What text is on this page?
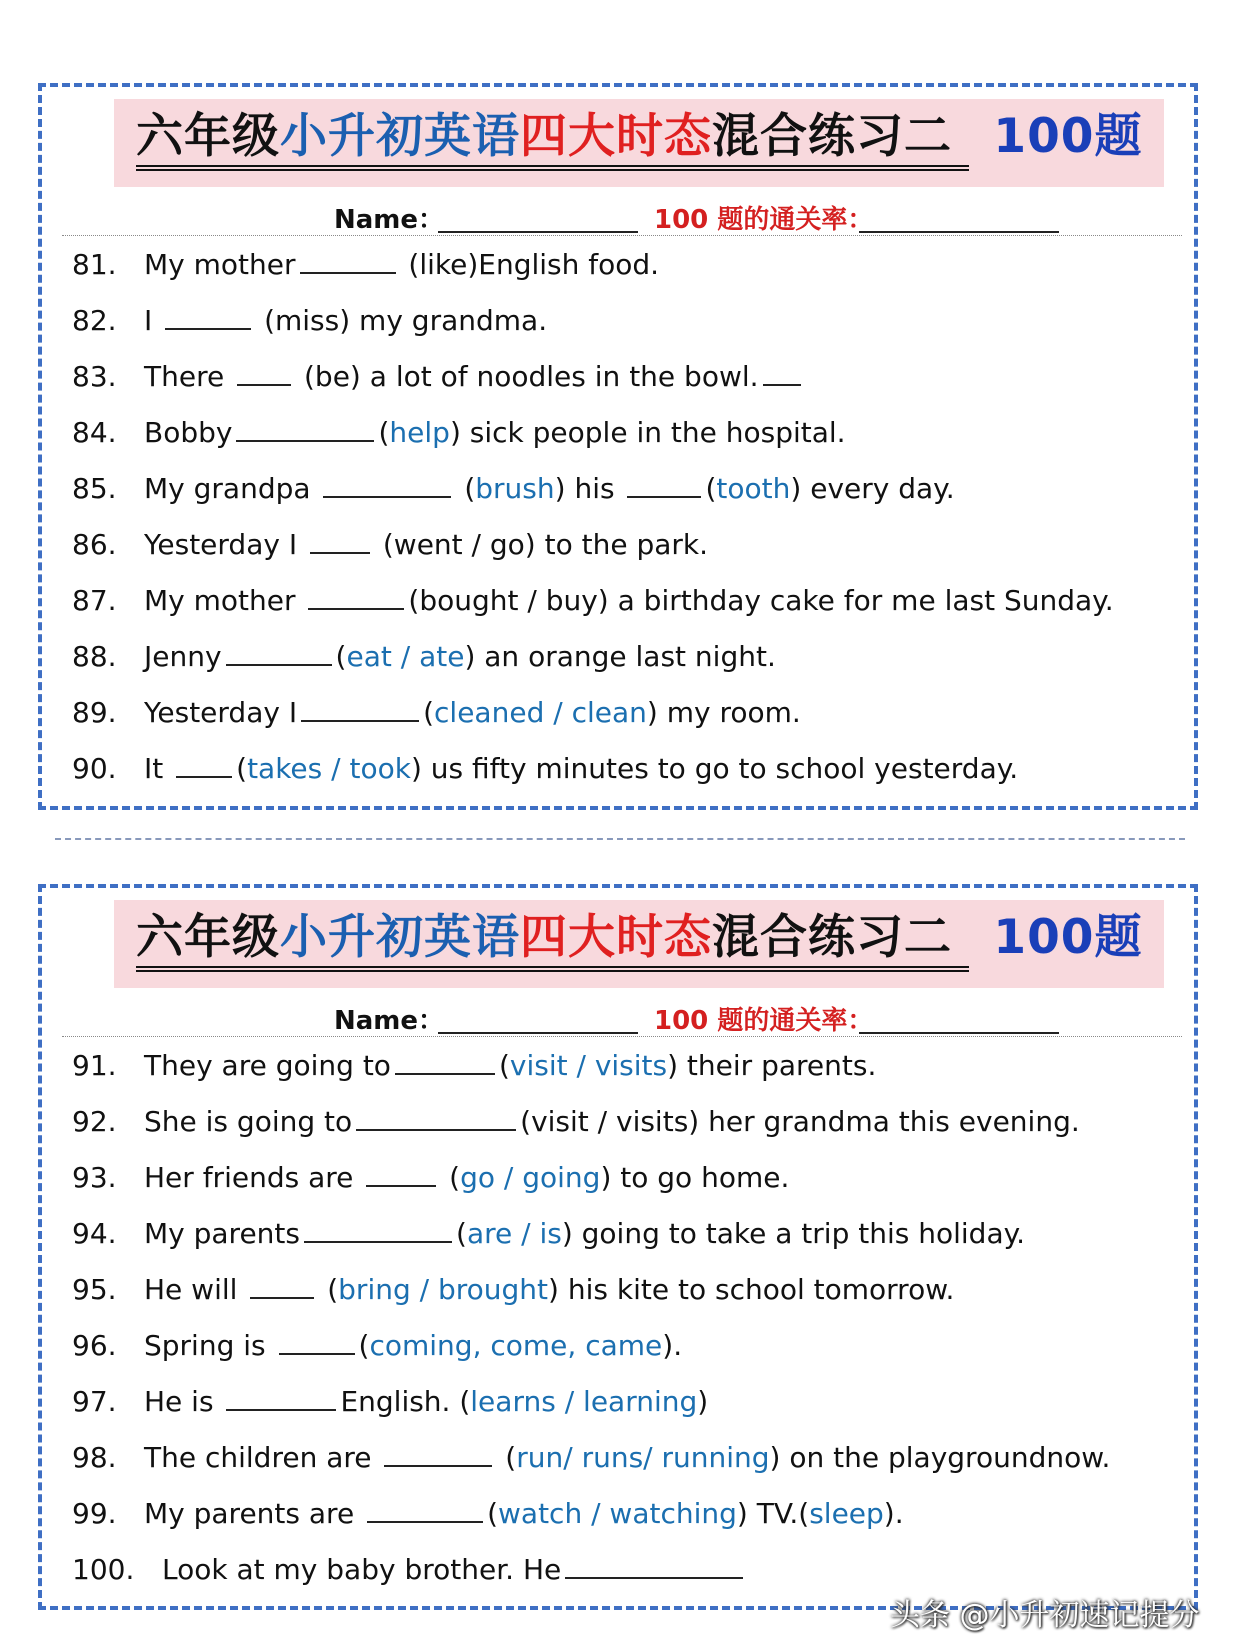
六年级小升初英语四大时态混合练习二 100题
Name：	100 题的通关率：
81. My mother	(like)English food.
82. I	(miss) my grandma.
83. There  (be) a lot of noodles in the bowl.
84. Bobby	(help) sick people in the hospital.
85. My grandpa	(brush) his	(tooth) every day.
86. Yesterday I  (went / go) to the park.
87. My mother	(bought / buy) a birthday cake for me last Sunday.
88. Jenny	(eat / ate) an orange last night.
89. Yesterday I	(cleaned / clean) my room.
90. It (takes / took) us fifty minutes to go to school yesterday.
六年级小升初英语四大时态混合练习二 100题
Name：	100 题的通关率：
91. They are going to	(visit / visits) their parents.
92. She is going to	(visit / visits) her grandma this evening.
93. Her friends are	(go / going) to go home.
94. My parents	(are / is) going to take a trip this holiday.
95. He will	(bring / brought) his kite to school tomorrow.
96. Spring is	(coming, come, came).
97. He is	English. (learns / learning)
98. The children are	(run/ runs/ running) on the playgroundnow.
99. My parents are	(watch / watching) TV.(sleep).
100. Look at my baby brother. He
头条 @小升初速记提分
